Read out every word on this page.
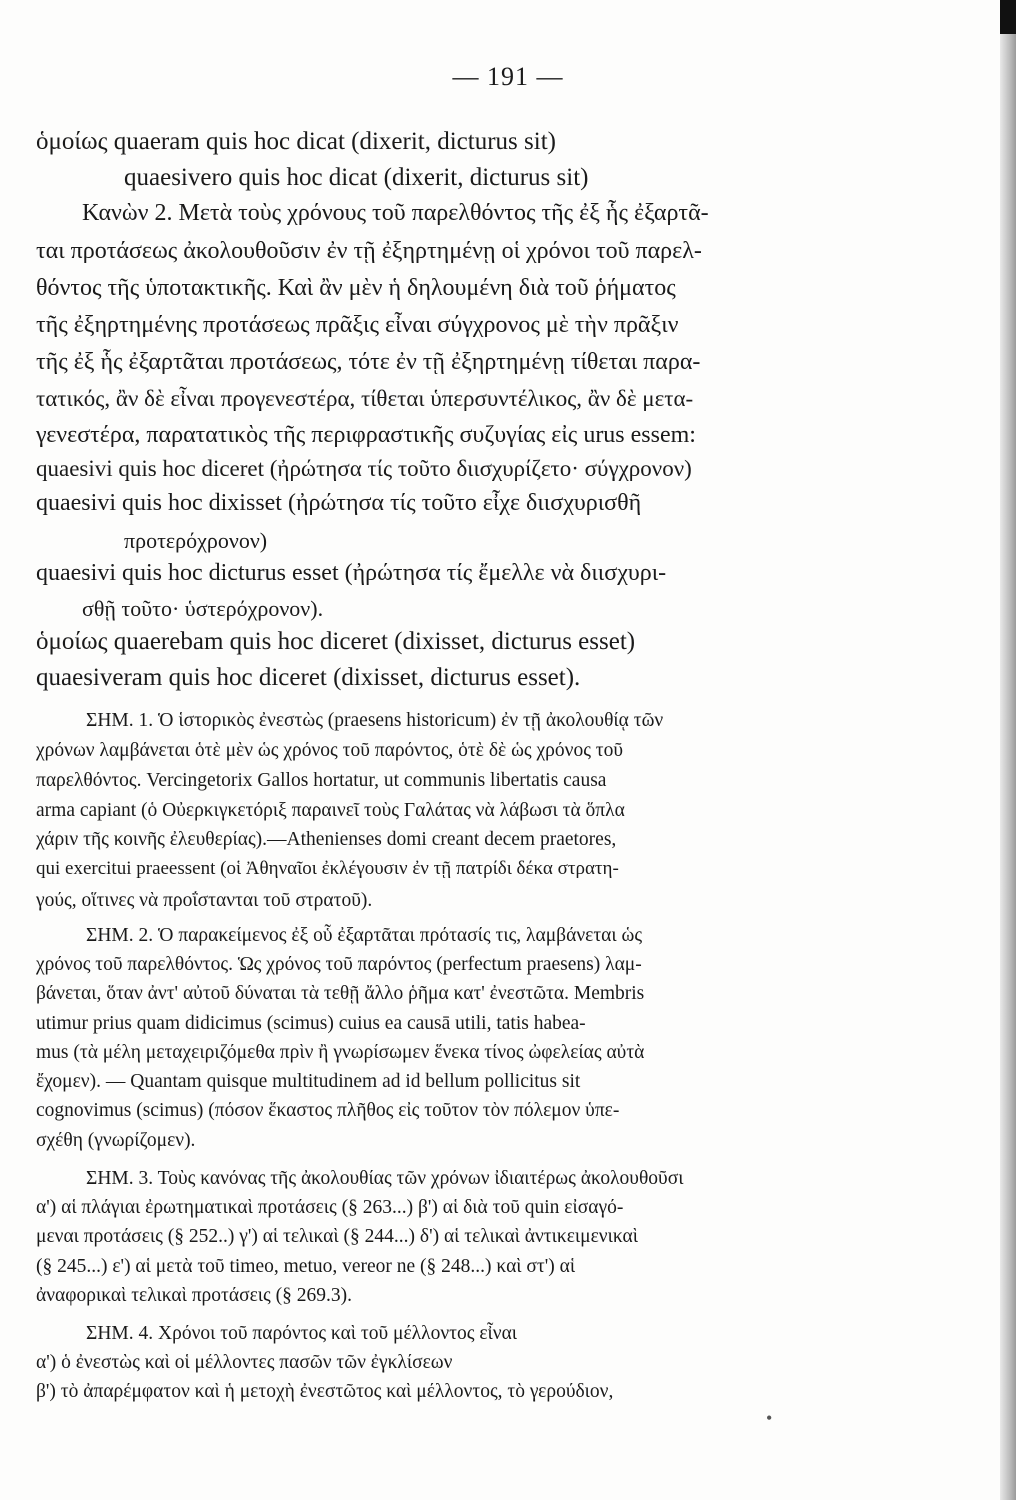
— 191 —

ὁμοίως quaeram quis hoc dicat (dixerit, dicturus sit)

quaesivero quis hoc dicat (dixerit, dicturus sit)

Κανὼν 2. Μετὰ τοὺς χρόνους τοῦ παρελθόντος τῆς ἐξ ἧς ἐξαρτᾶ-

ται προτάσεως ἀκολουθοῦσιν ἐν τῇ ἐξηρτημένῃ οἱ χρόνοι τοῦ παρελ-

θόντος τῆς ὑποτακτικῆς. Καὶ ἂν μὲν ἡ δηλουμένη διὰ τοῦ ῥήματος

τῆς ἐξηρτημένης προτάσεως πρᾶξις εἶναι σύγχρονος μὲ τὴν πρᾶξιν

τῆς ἐξ ἧς ἐξαρτᾶται προτάσεως, τότε ἐν τῇ ἐξηρτημένῃ τίθεται παρα-

τατικός, ἂν δὲ εἶναι προγενεστέρα, τίθεται ὑπερσυντέλικος, ἂν δὲ μετα-

γενεστέρα, παρατατικὸς τῆς περιφραστικῆς συζυγίας εἰς urus essem:

quaesivi quis hoc diceret (ἠρώτησα τίς τοῦτο διισχυρίζετο· σύγχρονον)

quaesivi quis hoc dixisset (ἠρώτησα τίς τοῦτο εἶχε διισχυρισθῆ

προτερόχρονον)

quaesivi quis hoc dicturus esset (ἠρώτησα τίς ἔμελλε νὰ διισχυρι-

σθῇ τοῦτο· ὑστερόχρονον).

ὁμοίως quaerebam quis hoc diceret (dixisset, dicturus esset)

quaesiveram quis hoc diceret (dixisset, dicturus esset).

ΣΗΜ. 1. Ὁ ἱστορικὸς ἐνεστὼς (praesens historicum) ἐν τῇ ἀκολουθίᾳ τῶν

χρόνων λαμβάνεται ὁτὲ μὲν ὡς χρόνος τοῦ παρόντος, ὁτὲ δὲ ὡς χρόνος τοῦ

παρελθόντος. Vercingetorix Gallos hortatur, ut communis libertatis causa

arma capiant (ὁ Οὐερκιγκετόριξ παραινεῖ τοὺς Γαλάτας νὰ λάβωσι τὰ ὅπλα

χάριν τῆς κοινῆς ἐλευθερίας).—Athenienses domi creant decem praetores,

qui exercitui praeessent (οἱ Ἀθηναῖοι ἐκλέγουσιν ἐν τῇ πατρίδι δέκα στρατη-

γούς, οἵτινες νὰ προΐστανται τοῦ στρατοῦ).

ΣΗΜ. 2. Ὁ παρακείμενος ἐξ οὗ ἐξαρτᾶται πρότασίς τις, λαμβάνεται ὡς

χρόνος τοῦ παρελθόντος. Ὡς χρόνος τοῦ παρόντος (perfectum praesens) λαμ-

βάνεται, ὅταν ἀντ' αὐτοῦ δύναται τὰ τεθῇ ἄλλο ῥῆμα κατ' ἐνεστῶτα. Membris

utimur prius quam didicimus (scimus) cuius ea causā utili, tatis habea-

mus (τὰ μέλη μεταχειριζόμεθα πρὶν ἢ γνωρίσωμεν ἕνεκα τίνος ὠφελείας αὐτὰ

ἔχομεν). — Quantam quisque multitudinem ad id bellum pollicitus sit

cognovimus (scimus) (πόσον ἕκαστος πλῆθος εἰς τοῦτον τὸν πόλεμον ὑπε-

σχέθη (γνωρίζομεν).

ΣΗΜ. 3. Τοὺς κανόνας τῆς ἀκολουθίας τῶν χρόνων ἰδιαιτέρως ἀκολουθοῦσι

α') αἱ πλάγιαι ἐρωτηματικαὶ προτάσεις (§ 263...) β') αἱ διὰ τοῦ quin εἰσαγό-

μεναι προτάσεις (§ 252..) γ') αἱ τελικαὶ (§ 244...) δ') αἱ τελικαὶ ἀντικειμενικαὶ

(§ 245...) ε') αἱ μετὰ τοῦ timeo, metuo, vereor ne (§ 248...) καὶ στ') αἱ

ἀναφορικαὶ τελικαὶ προτάσεις (§ 269.3).

ΣΗΜ. 4. Χρόνοι τοῦ παρόντος καὶ τοῦ μέλλοντος εἶναι

α') ὁ ἐνεστὼς καὶ οἱ μέλλοντες πασῶν τῶν ἐγκλίσεων

β') τὸ ἀπαρέμφατον καὶ ἡ μετοχὴ ἐνεστῶτος καὶ μέλλοντος, τὸ γερούδιον,

•
